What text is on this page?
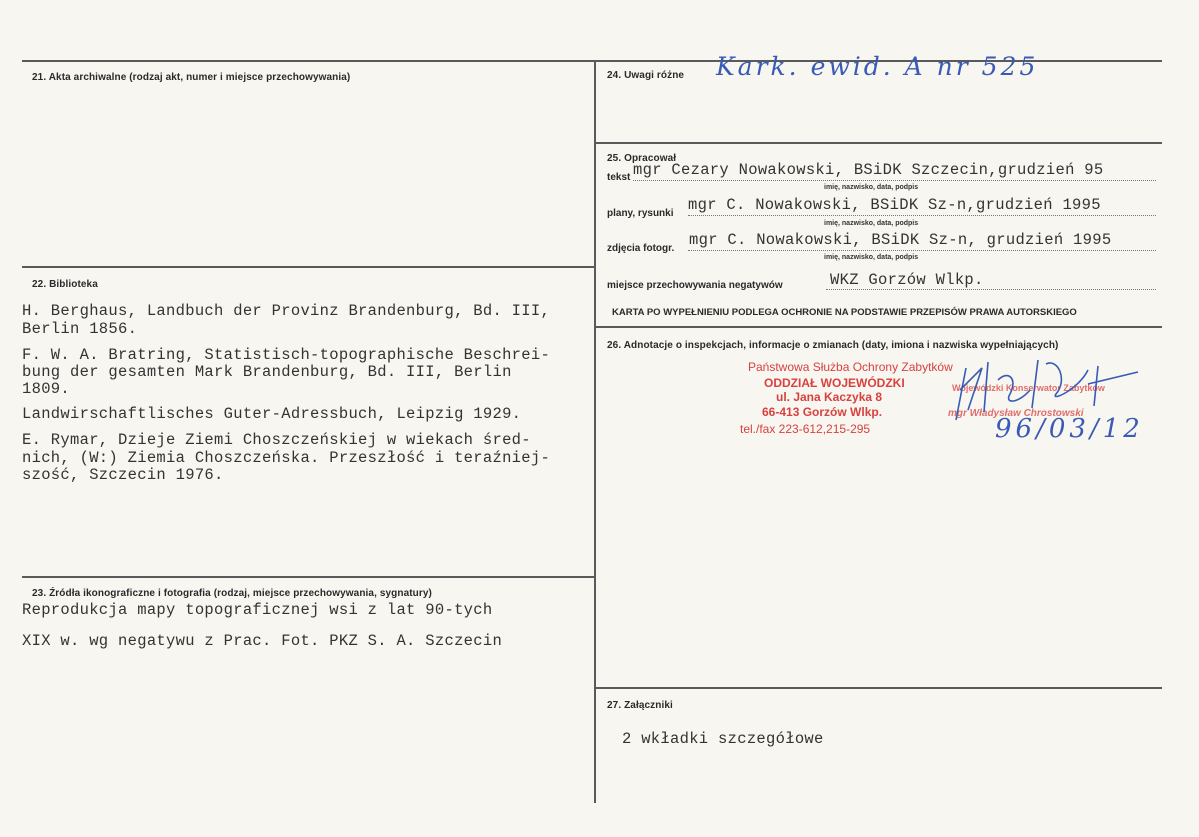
21. Akta archiwalne (rodzaj akt, numer i miejsce przechowywania)
22. Biblioteka
H. Berghaus, Landbuch der Provinz Brandenburg, Bd. III,
Berlin 1856.
F. W. A. Bratring, Statistisch-topographische Beschrei-
bung der gesamten Mark Brandenburg, Bd. III, Berlin
1809.
Landwirschaftlisches Guter-Adressbuch, Leipzig 1929.
E. Rymar, Dzieje Ziemi Choszczeńskiej w wiekach śred-
nich, (W:) Ziemia Choszczeńska. Przeszłość i teraźniej-
szość, Szczecin 1976.
23. Źródła ikonograficzne i fotografia (rodzaj, miejsce przechowywania, sygnatury)
Reprodukcja mapy topograficznej wsi z lat 90-tych
XIX w. wg negatywu z Prac. Fot. PKZ S. A. Szczecin
24. Uwagi różne Kark. ewid. A nr 525
25. Opracował
tekst mgr Cezary Nowakowski, BSiDK Szczecin,grudzień 95
imię, nazwisko, data, podpis
plany, rysunki mgr C. Nowakowski, BSiDK Sz-n,grudzień 1995
imię, nazwisko, data, podpis
zdjęcia fotogr. mgr C. Nowakowski, BSiDK Sz-n, grudzień 1995
imię, nazwisko, data, podpis
miejsce przechowywania negatywów	WKZ Gorzów Wlkp.
KARTA PO WYPEŁNIENIU PODLEGA OCHRONIE NA PODSTAWIE PRZEPISÓW PRAWA AUTORSKIEGO
26. Adnotacje o inspekcjach, informacje o zmianach (daty, imiona i nazwiska wypełniających)
Państwowa Służba Ochrony Zabytków
ODDZIAŁ WOJEWÓDZKI
ul. Jana Kaczyka 8
66-413 Gorzów Wlkp.
tel./fax 223-612,215-295
Wojewódzki Konserwator Zabytków
mgr Władysław Chrostowski
96/03/12
27. Załączniki
2 wkładki szczegółowe
